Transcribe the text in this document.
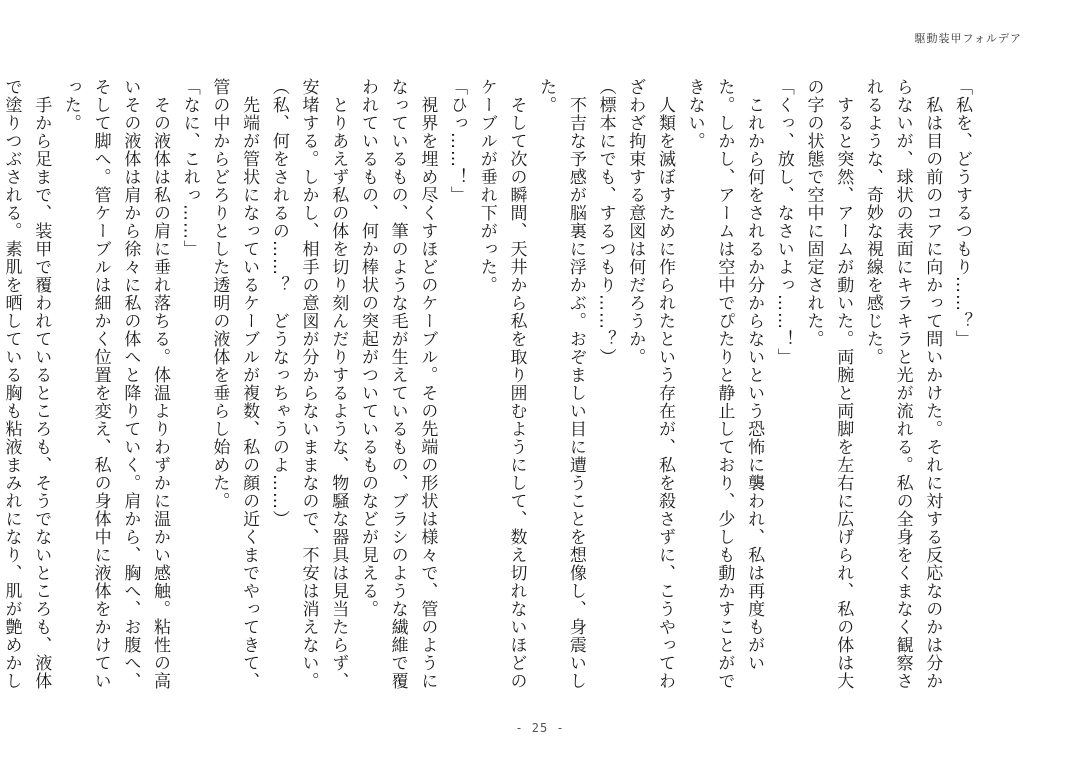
駆動装甲フォルデア
「私を、どうするつもり……？」
　私は目の前のコアに向かって問いかけた。それに対する反応なのかは分からないが、球状の表面にキラキラと光が流れる。私の全身をくまなく観察されるような、奇妙な視線を感じた。
　すると突然、アームが動いた。両腕と両脚を左右に広げられ、私の体は大の字の状態で空中に固定された。
「くっ、放し、なさいよっ……！」
　これから何をされるか分からないという恐怖に襲われ、私は再度もがいた。しかし、アームは空中でぴたりと静止しており、少しも動かすことができない。
　人類を滅ぼすために作られたという存在が、私を殺さずに、こうやってわざわざ拘束する意図は何だろうか。
（標本にでも、するつもり……？）
　不吉な予感が脳裏に浮かぶ。おぞましい目に遭うことを想像し、身震いした。
　そして次の瞬間、天井から私を取り囲むようにして、数え切れないほどのケーブルが垂れ下がった。
「ひっ……！」
　視界を埋め尽くすほどのケーブル。その先端の形状は様々で、管のようになっているもの、筆のような毛が生えているもの、ブラシのような繊維で覆われているもの、何か棒状の突起がついているものなどが見える。
　とりあえず私の体を切り刻んだりするような、物騒な器具は見当たらず、安堵する。しかし、相手の意図が分からないままなので、不安は消えない。
（私、何をされるの……？　どうなっちゃうのよ……）
　先端が管状になっているケーブルが複数、私の顔の近くまでやってきて、管の中からどろりとした透明の液体を垂らし始めた。
「なに、これっ……」
　その液体は私の肩に垂れ落ちる。体温よりわずかに温かい感触。粘性の高いその液体は肩から徐々に私の体へと降りていく。肩から、胸へ、お腹へ、そして脚へ。管ケーブルは細かく位置を変え、私の身体中に液体をかけていった。
　手から足まで、装甲で覆われているところも、そうでないところも、液体で塗りつぶされる。素肌を晒している胸も粘液まみれになり、肌が艶めかし
- 25 -
